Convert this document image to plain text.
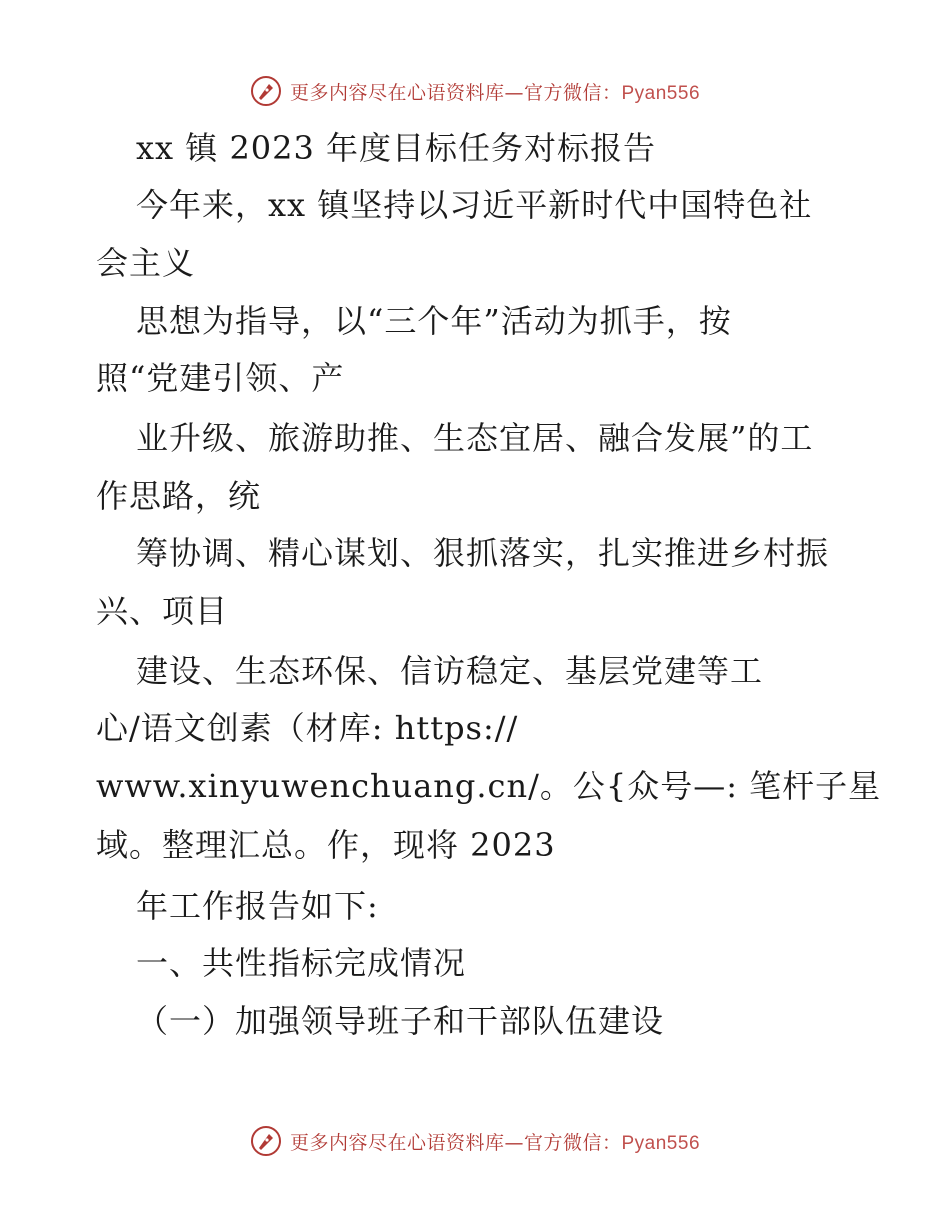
更多内容尽在心语资料库—官方微信：Pyan556
xx 镇 2023 年度目标任务对标报告
今年来，xx 镇坚持以习近平新时代中国特色社
会主义
思想为指导，以“三个年”活动为抓手，按
照“党建引领、产
业升级、旅游助推、生态宜居、融合发展”的工
作思路，统
筹协调、精心谋划、狠抓落实，扎实推进乡村振
兴、项目
建设、生态环保、信访稳定、基层党建等工
心/语文创素（材库: https://
www.xinyuwenchuang.cn/。公{众号—: 笔杆子星
域。整理汇总。作，现将 2023
年工作报告如下:
一、共性指标完成情况
（一）加强领导班子和干部队伍建设
更多内容尽在心语资料库—官方微信：Pyan556
